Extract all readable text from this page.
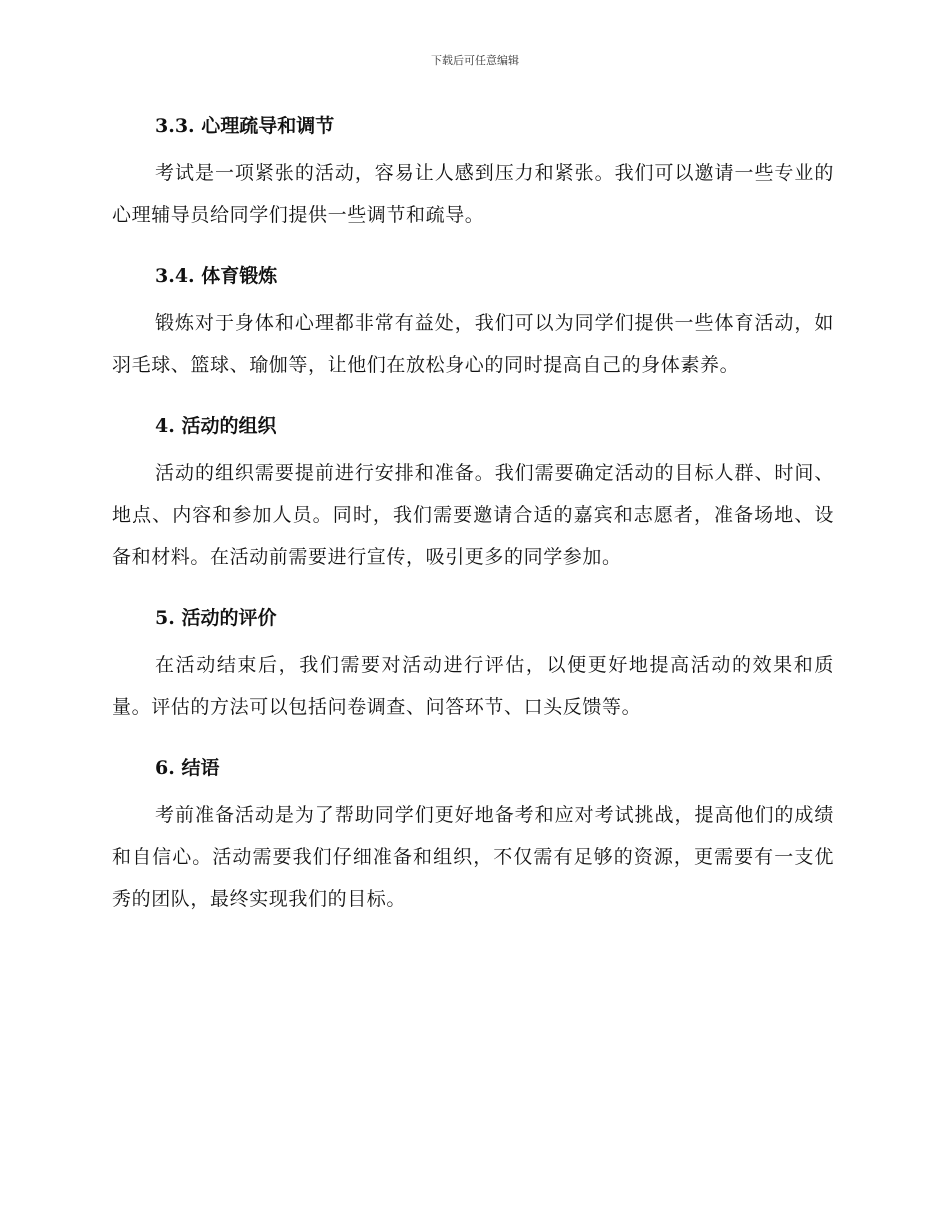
下载后可任意编辑
3.3. 心理疏导和调节

考试是一项紧张的活动，容易让人感到压力和紧张。我们可以邀请一些专业的心理辅导员给同学们提供一些调节和疏导。

3.4. 体育锻炼

锻炼对于身体和心理都非常有益处，我们可以为同学们提供一些体育活动，如羽毛球、篮球、瑜伽等，让他们在放松身心的同时提高自己的身体素养。

4. 活动的组织

活动的组织需要提前进行安排和准备。我们需要确定活动的目标人群、时间、地点、内容和参加人员。同时，我们需要邀请合适的嘉宾和志愿者，准备场地、设备和材料。在活动前需要进行宣传，吸引更多的同学参加。

5. 活动的评价

在活动结束后，我们需要对活动进行评估，以便更好地提高活动的效果和质量。评估的方法可以包括问卷调查、问答环节、口头反馈等。

6. 结语

考前准备活动是为了帮助同学们更好地备考和应对考试挑战，提高他们的成绩和自信心。活动需要我们仔细准备和组织，不仅需有足够的资源，更需要有一支优秀的团队，最终实现我们的目标。
